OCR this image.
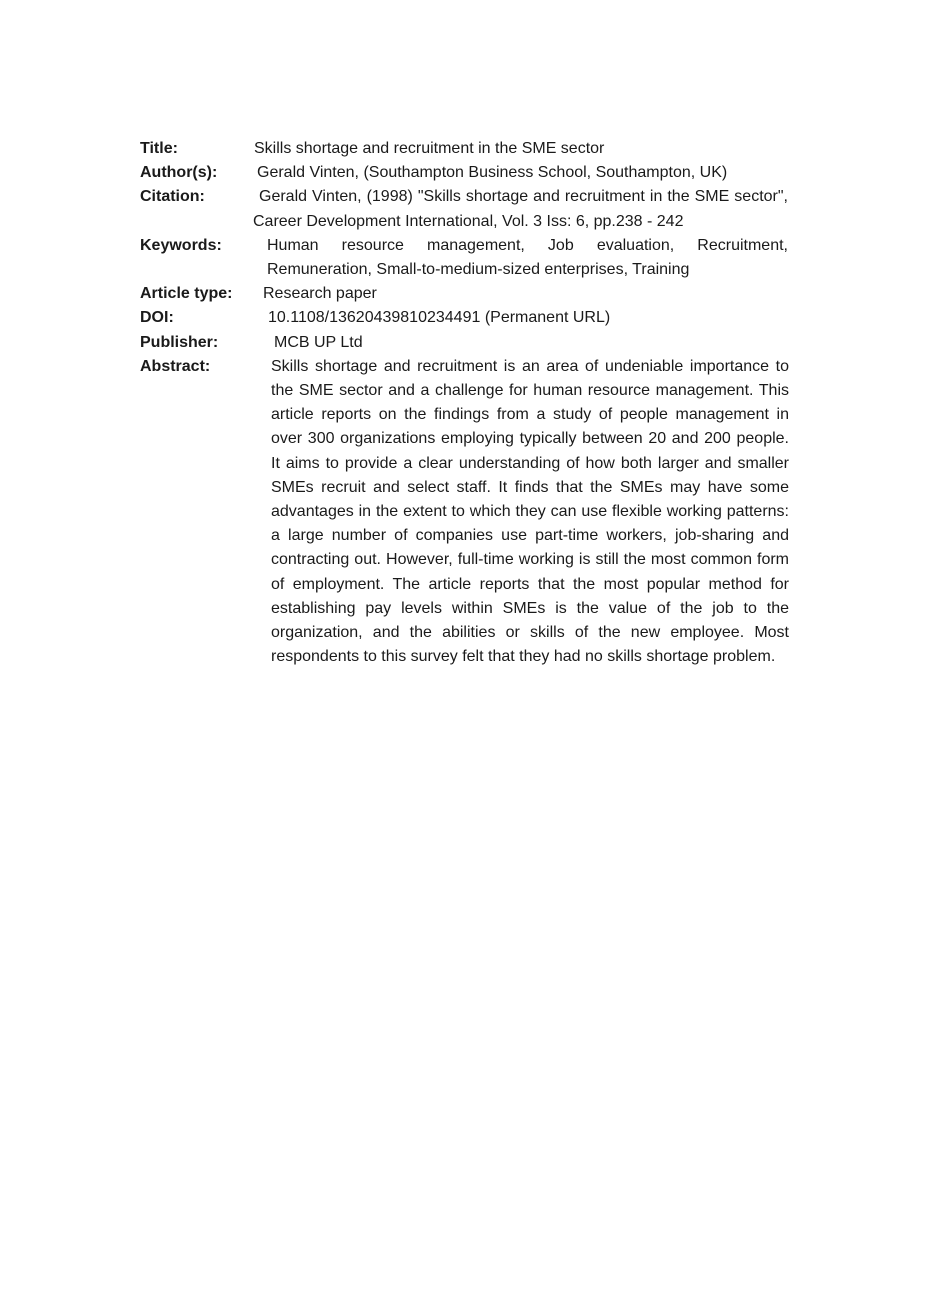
Title:	Skills shortage and recruitment in the SME sector
Author(s): Gerald Vinten, (Southampton Business School, Southampton, UK)
Citation:	Gerald Vinten, (1998) "Skills shortage and recruitment in the SME sector", Career Development International, Vol. 3 Iss: 6, pp.238 - 242
Keywords:	Human resource management, Job evaluation, Recruitment, Remuneration, Small-to-medium-sized enterprises, Training
Article type: Research paper
DOI:	10.1108/13620439810234491 (Permanent URL)
Publisher:	MCB UP Ltd
Abstract:	Skills shortage and recruitment is an area of undeniable importance to the SME sector and a challenge for human resource management. This article reports on the findings from a study of people management in over 300 organizations employing typically between 20 and 200 people. It aims to provide a clear understanding of how both larger and smaller SMEs recruit and select staff. It finds that the SMEs may have some advantages in the extent to which they can use flexible working patterns: a large number of companies use part-time workers, job-sharing and contracting out. However, full-time working is still the most common form of employment. The article reports that the most popular method for establishing pay levels within SMEs is the value of the job to the organization, and the abilities or skills of the new employee. Most respondents to this survey felt that they had no skills shortage problem.
